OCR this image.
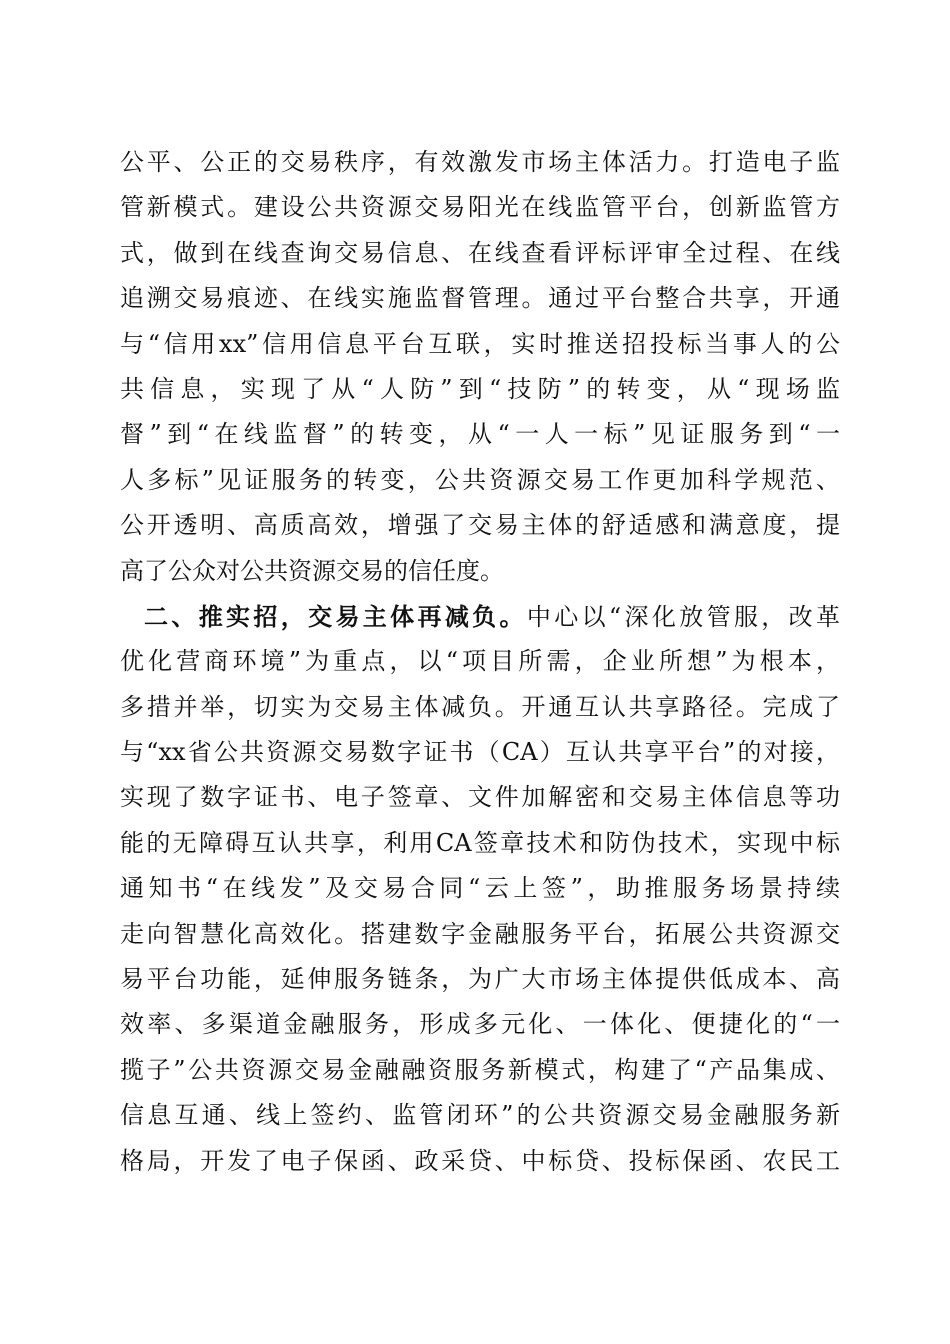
公平、公正的交易秩序，有效激发市场主体活力。打造电子监
管新模式。建设公共资源交易阳光在线监管平台，创新监管方
式，做到在线查询交易信息、在线查看评标评审全过程、在线
追溯交易痕迹、在线实施监督管理。通过平台整合共享，开通
与“信用xx”信用信息平台互联，实时推送招投标当事人的公
共信息，实现了从“人防”到“技防”的转变，从“现场监
督”到“在线监督”的转变，从“一人一标”见证服务到“一
人多标”见证服务的转变，公共资源交易工作更加科学规范、
公开透明、高质高效，增强了交易主体的舒适感和满意度，提
高了公众对公共资源交易的信任度。
二、推实招，交易主体再减负。中心以“深化放管服，改革
优化营商环境”为重点，以“项目所需，企业所想”为根本，
多措并举，切实为交易主体减负。开通互认共享路径。完成了
与“xx省公共资源交易数字证书（CA）互认共享平台”的对接，
实现了数字证书、电子签章、文件加解密和交易主体信息等功
能的无障碍互认共享，利用CA签章技术和防伪技术，实现中标
通知书“在线发”及交易合同“云上签”，助推服务场景持续
走向智慧化高效化。搭建数字金融服务平台，拓展公共资源交
易平台功能，延伸服务链条，为广大市场主体提供低成本、高
效率、多渠道金融服务，形成多元化、一体化、便捷化的“一
揽子”公共资源交易金融融资服务新模式，构建了“产品集成、
信息互通、线上签约、监管闭环”的公共资源交易金融服务新
格局，开发了电子保函、政采贷、中标贷、投标保函、农民工
